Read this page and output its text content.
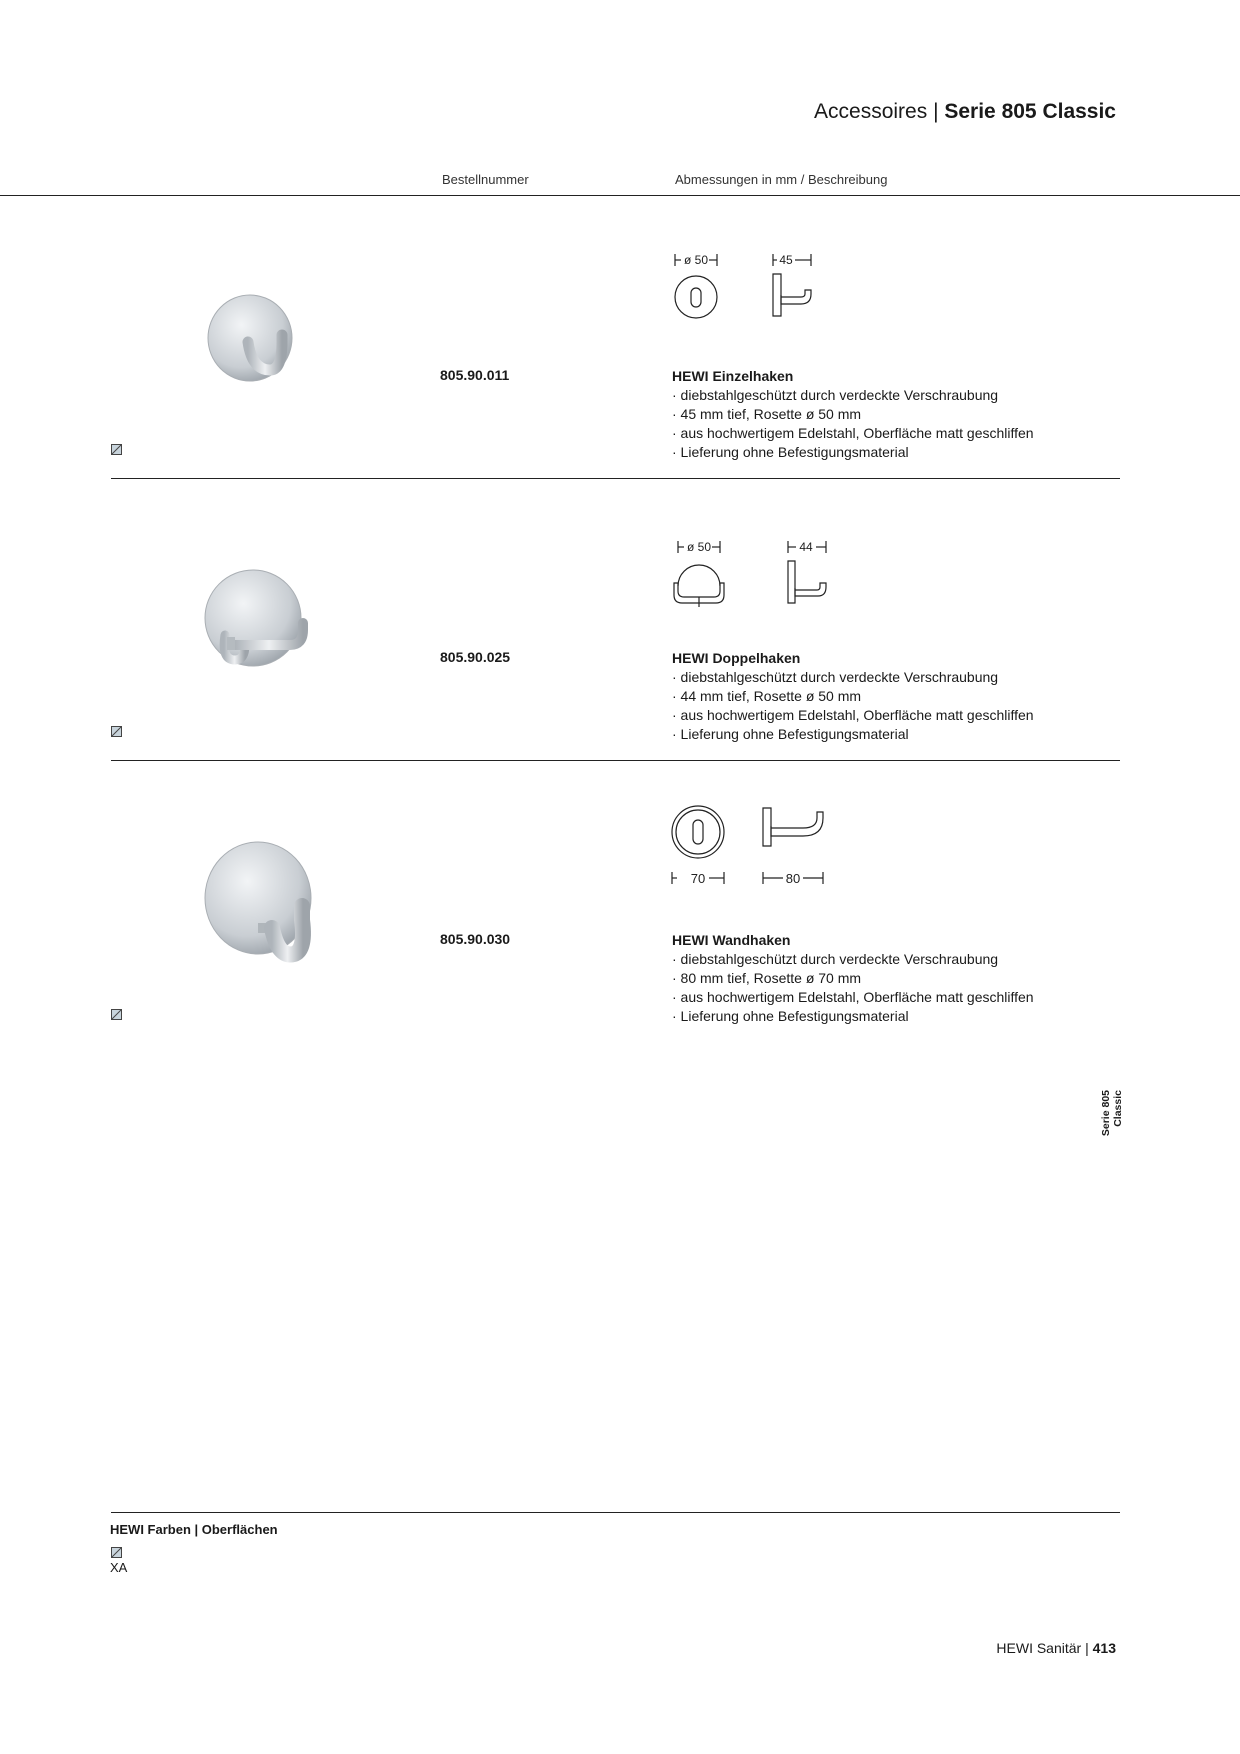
Accessoires | Serie 805 Classic
Bestellnummer	Abmessungen in mm / Beschreibung
805.90.011
ø 50	45
HEWI Einzelhaken
· diebstahlgeschützt durch verdeckte Verschraubung
· 45 mm tief, Rosette ø 50 mm
· aus hochwertigem Edelstahl, Oberfläche matt geschliffen
· Lieferung ohne Befestigungsmaterial
805.90.025
ø 50	44
HEWI Doppelhaken
· diebstahlgeschützt durch verdeckte Verschraubung
· 44 mm tief, Rosette ø 50 mm
· aus hochwertigem Edelstahl, Oberfläche matt geschliffen
· Lieferung ohne Befestigungsmaterial
805.90.030
70	80
HEWI Wandhaken
· diebstahlgeschützt durch verdeckte Verschraubung
· 80 mm tief, Rosette ø 70 mm
· aus hochwertigem Edelstahl, Oberfläche matt geschliffen
· Lieferung ohne Befestigungsmaterial
Serie 805 Classic
HEWI Farben | Oberflächen
XA
HEWI Sanitär | 413
